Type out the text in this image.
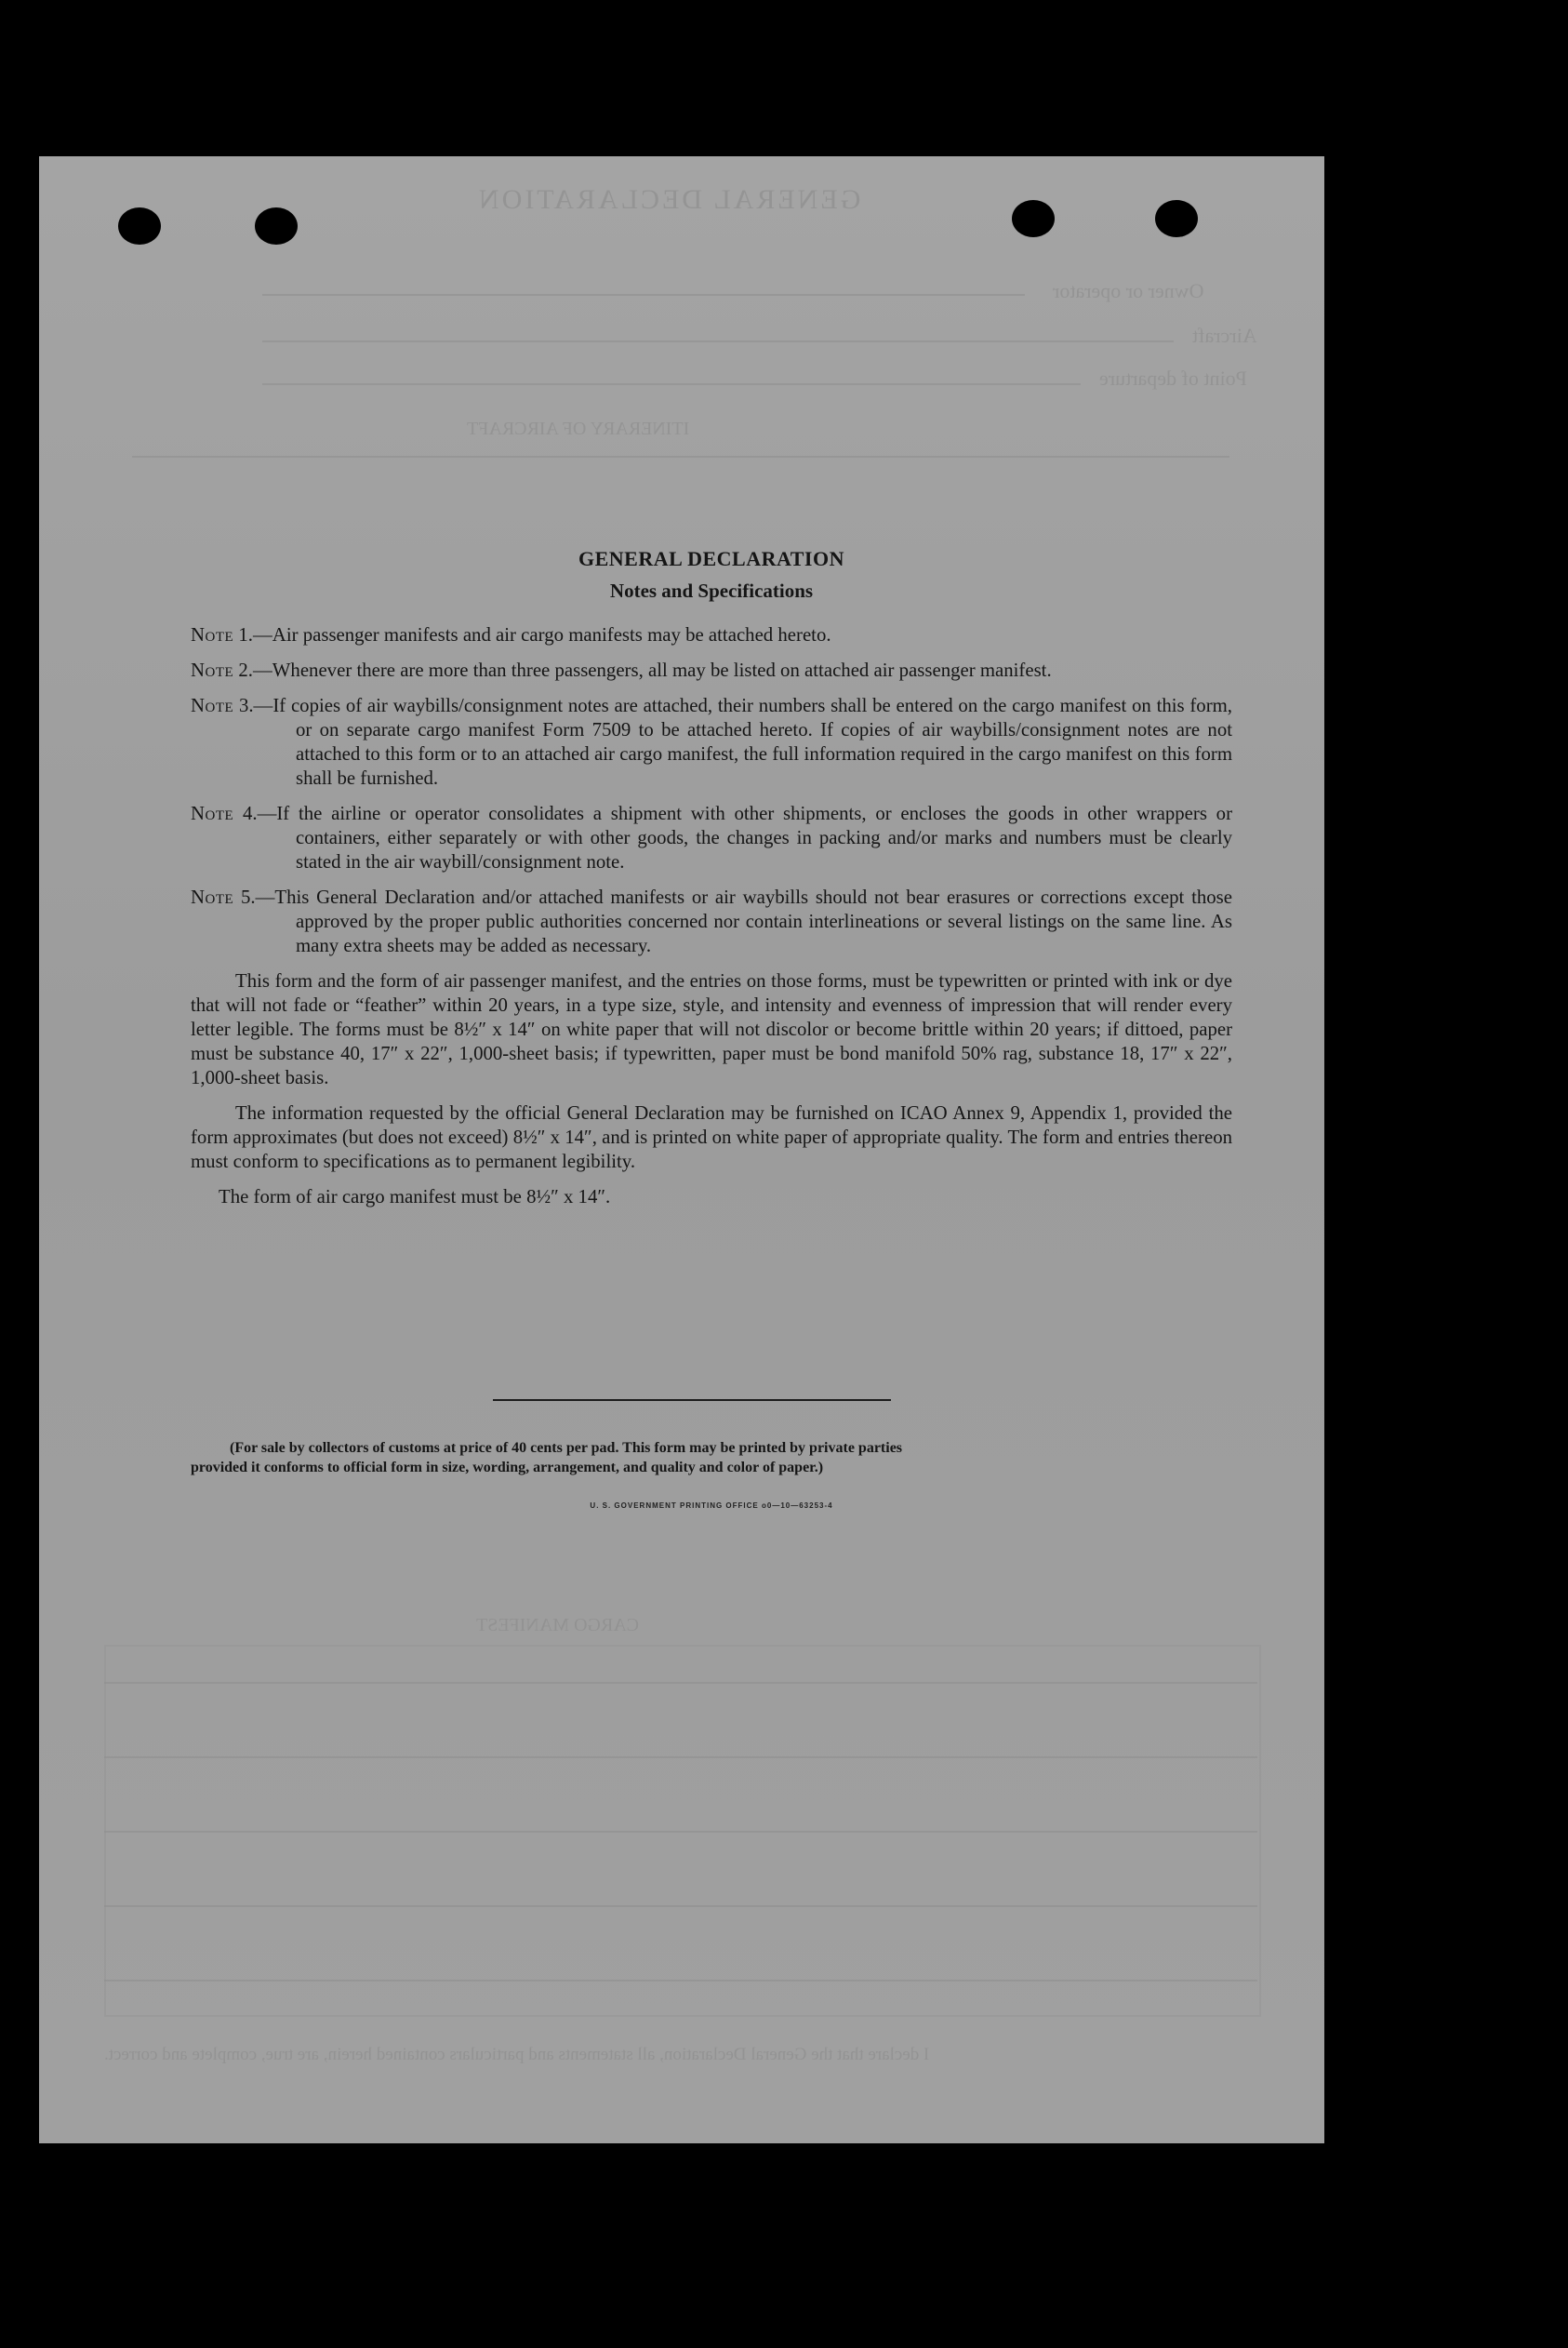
GENERAL DECLARATION
Owner or operator
Aircraft
Point of departure
ITINERARY OF AIRCRAFT
CARGO MANIFEST
I declare that the General Declaration, all statements and particulars contained herein, are true, complete and correct.

GENERAL DECLARATION

Notes and Specifications

Note 1.—Air passenger manifests and air cargo manifests may be attached hereto.

Note 2.—Whenever there are more than three passengers, all may be listed on attached air passenger manifest.

Note 3.—If copies of air waybills/consignment notes are attached, their numbers shall be entered on the cargo manifest on this form, or on separate cargo manifest Form 7509 to be attached hereto. If copies of air waybills/consignment notes are not attached to this form or to an attached air cargo manifest, the full information required in the cargo manifest on this form shall be furnished.

Note 4.—If the airline or operator consolidates a shipment with other shipments, or encloses the goods in other wrappers or containers, either separately or with other goods, the changes in packing and/or marks and numbers must be clearly stated in the air waybill/consignment note.

Note 5.—This General Declaration and/or attached manifests or air waybills should not bear erasures or corrections except those approved by the proper public authorities concerned nor contain interlineations or several listings on the same line. As many extra sheets may be added as necessary.

This form and the form of air passenger manifest, and the entries on those forms, must be typewritten or printed with ink or dye that will not fade or “feather” within 20 years, in a type size, style, and intensity and evenness of impression that will render every letter legible. The forms must be 8½″ x 14″ on white paper that will not discolor or become brittle within 20 years; if dittoed, paper must be substance 40, 17″ x 22″, 1,000-sheet basis; if typewritten, paper must be bond manifold 50% rag, substance 18, 17″ x 22″, 1,000-sheet basis.

The information requested by the official General Declaration may be furnished on ICAO Annex 9, Appendix 1, provided the form approximates (but does not exceed) 8½″ x 14″, and is printed on white paper of appropriate quality. The form and entries thereon must conform to specifications as to permanent legibility.

The form of air cargo manifest must be 8½″ x 14″.

(For sale by collectors of customs at price of 40 cents per pad. This form may be printed by private parties

provided it conforms to official form in size, wording, arrangement, and quality and color of paper.)

U. S. GOVERNMENT PRINTING OFFICE o0—10—63253-4
